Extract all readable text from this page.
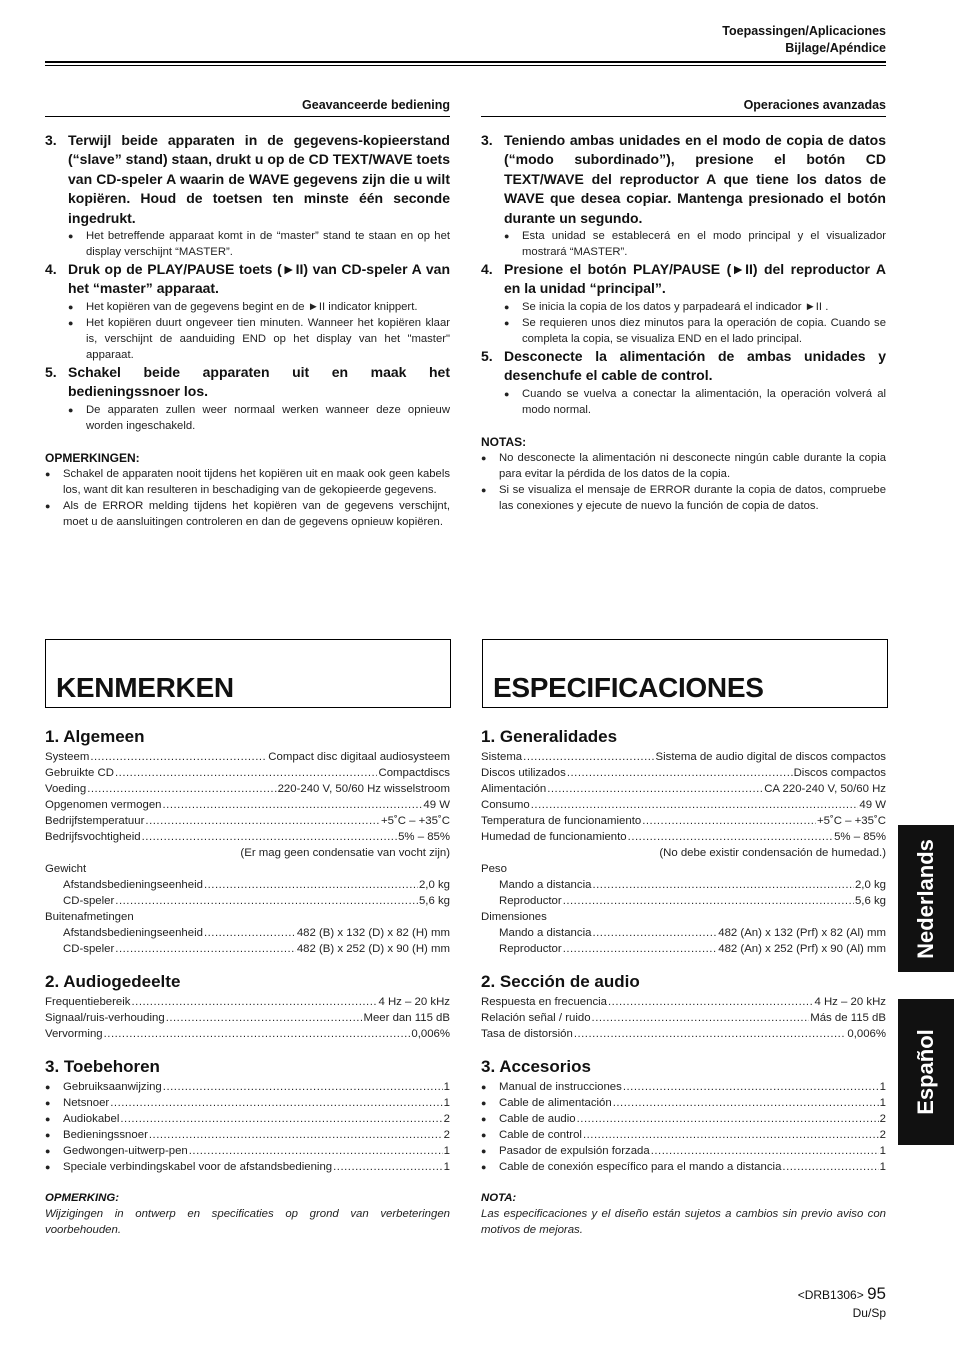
Toepassingen/Aplicaciones
Bijlage/Apéndice
Geavanceerde bediening
3. Terwijl beide apparaten in de gegevens-kopieerstand (“slave” stand) staan, drukt u op de CD TEXT/WAVE toets van CD-speler A waarin de WAVE gegevens zijn die u wilt kopiëren. Houd de toetsen ten minste één seconde ingedrukt.
●	Het betreffende apparaat komt in de “master” stand te staan en op het display verschijnt “MASTER”.
4. Druk op de PLAY/PAUSE toets (►II) van CD-speler A van het “master” apparaat.
●	Het kopiëren van de gegevens begint en de ►II indicator knippert.
●	Het kopiëren duurt ongeveer tien minuten. Wanneer het kopiëren klaar is, verschijnt de aanduiding END op het display van het "master" apparaat.
5. Schakel beide apparaten uit en maak het bedieningssnoer los.
●	De apparaten zullen weer normaal werken wanneer deze opnieuw worden ingeschakeld.
OPMERKINGEN:
●	Schakel de apparaten nooit tijdens het kopiëren uit en maak ook geen kabels los, want dit kan resulteren in beschadiging van de gekopieerde gegevens.
●	Als de ERROR melding tijdens het kopiëren van de gegevens verschijnt, moet u de aansluitingen controleren en dan de gegevens opnieuw kopiëren.
Operaciones avanzadas
3. Teniendo ambas unidades en el modo de copia de datos (“modo subordinado”), presione el botón CD TEXT/WAVE del reproductor A que tiene los datos de WAVE que desea copiar. Mantenga presionado el botón durante un segundo.
●	Esta unidad se establecerá en el modo principal y el visualizador mostrará “MASTER”.
4. Presione el botón PLAY/PAUSE (►II) del reproductor A en la unidad “principal”.
●	Se inicia la copia de los datos y parpadeará el indicador ►II .
●	Se requieren unos diez minutos para la operación de copia. Cuando se completa la copia, se visualiza END en el lado principal.
5. Desconecte la alimentación de ambas unidades y desenchufe el cable de control.
●	Cuando se vuelva a conectar la alimentación, la operación volverá al modo normal.
NOTAS:
●	No desconecte la alimentación ni desconecte ningún cable durante la copia para evitar la pérdida de los datos de la copia.
●	Si se visualiza el mensaje de ERROR durante la copia de datos, compruebe las conexiones y ejecute de nuevo la función de copia de datos.
KENMERKEN	ESPECIFICACIONES
1. Algemeen
Systeem .....	Compact disc digitaal audiosysteem
Gebruikte CD .....	Compactdiscs
Voeding .....	220-240 V, 50/60 Hz wisselstroom
Opgenomen vermogen .....	49 W
Bedrijfstemperatuur .....	+5˚C – +35˚C
Bedrijfsvochtigheid .....	5% – 85%
(Er mag geen condensatie van vocht zijn)
Gewicht
Afstandsbedieningseenheid .....	2,0 kg
CD-speler .....	5,6 kg
Buitenafmetingen
Afstandsbedieningseenheid .....	482 (B) x 132 (D) x 82 (H) mm
CD-speler .....	482 (B) x 252 (D) x 90 (H) mm
2. Audiogedeelte
Frequentiebereik .....	4 Hz – 20 kHz
Signaal/ruis-verhouding .....	Meer dan 115 dB
Vervorming .....	0,006%
3. Toebehoren
●	Gebruiksaanwijzing .....	1
●	Netsnoer .....	1
●	Audiokabel .....	2
●	Bedieningssnoer .....	2
●	Gedwongen-uitwerp-pen .....	1
●	Speciale verbindingskabel voor de afstandsbediening .....	1
OPMERKING:
Wijzigingen in ontwerp en specificaties op grond van verbeteringen voorbehouden.
1. Generalidades
Sistema .....	Sistema de audio digital de discos compactos
Discos utilizados .....	Discos compactos
Alimentación .....	CA 220-240 V, 50/60 Hz
Consumo .....	49 W
Temperatura de funcionamiento .....	+5˚C – +35˚C
Humedad de funcionamiento .....	5% – 85%
(No debe existir condensación de humedad.)
Peso
Mando a distancia .....	2,0 kg
Reproductor .....	5,6 kg
Dimensiones
Mando a distancia .....	482 (An) x 132 (Prf) x 82 (Al) mm
Reproductor .....	482 (An) x 252 (Prf) x 90 (Al) mm
2. Sección de audio
Respuesta en frecuencia .....	4 Hz – 20 kHz
Relación señal / ruido .....	Más de 115 dB
Tasa de distorsión .....	0,006%
3. Accesorios
●	Manual de instrucciones .....	1
●	Cable de alimentación .....	1
●	Cable de audio .....	2
●	Cable de control .....	2
●	Pasador de expulsión forzada .....	1
●	Cable de conexión específico para el mando a distancia .....	1
NOTA:
Las especificaciones y el diseño están sujetos a cambios sin previo aviso con motivos de mejoras.
Nederlands
Español
<DRB1306> 95
Du/Sp
